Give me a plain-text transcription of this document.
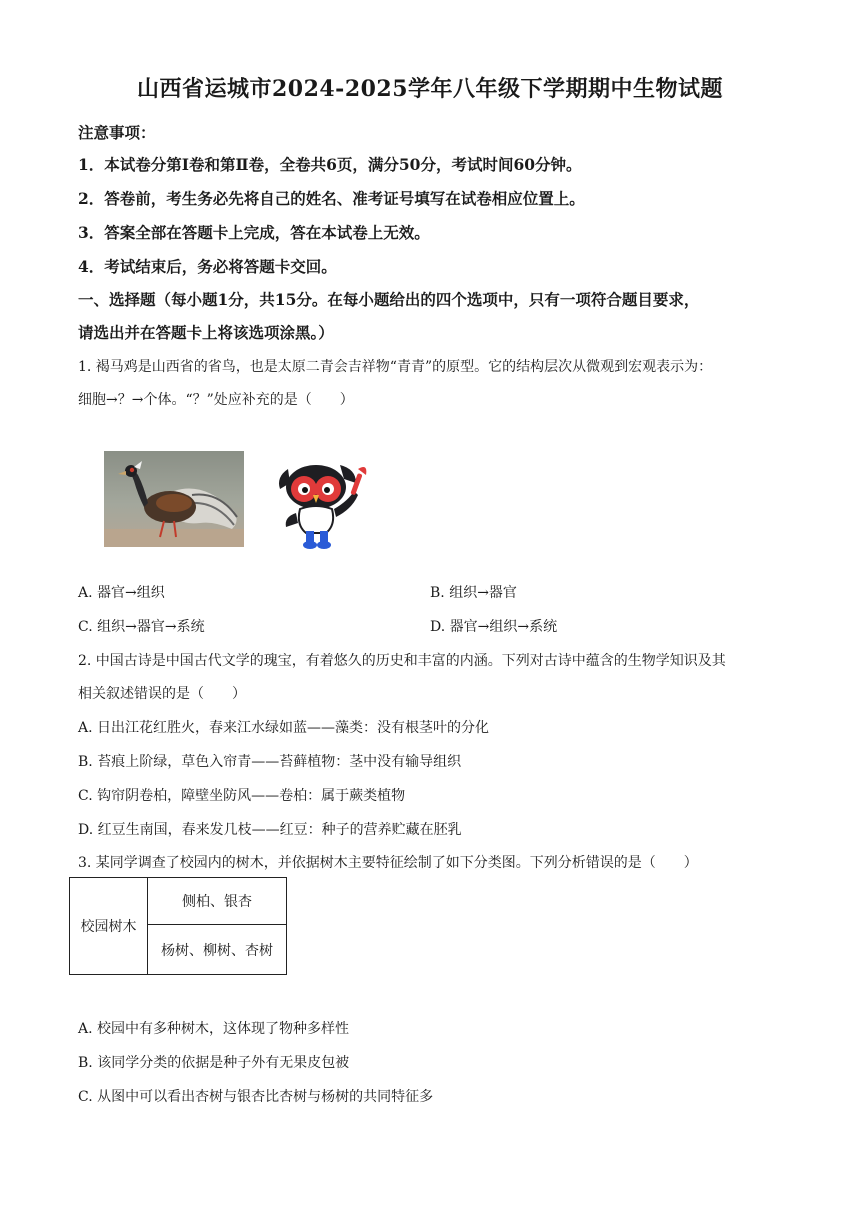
山西省运城市2024-2025学年八年级下学期期中生物试题
注意事项：
1．本试卷分第Ⅰ卷和第Ⅱ卷，全卷共6页，满分50分，考试时间60分钟。
2．答卷前，考生务必先将自己的姓名、准考证号填写在试卷相应位置上。
3．答案全部在答题卡上完成，答在本试卷上无效。
4．考试结束后，务必将答题卡交回。
一、选择题（每小题1分，共15分。在每小题给出的四个选项中，只有一项符合题目要求，
请选出并在答题卡上将该选项涂黑。）
1. 褐马鸡是山西省的省鸟，也是太原二青会吉祥物“青青”的原型。它的结构层次从微观到宏观表示为：
细胞→？→个体。“？”处应补充的是（　　）
A. 器官→组织	B. 组织→器官
C. 组织→器官→系统	D. 器官→组织→系统
2. 中国古诗是中国古代文学的瑰宝，有着悠久的历史和丰富的内涵。下列对古诗中蕴含的生物学知识及其
相关叙述错误的是（　　）
A. 日出江花红胜火，春来江水绿如蓝——藻类：没有根茎叶的分化
B. 苔痕上阶绿，草色入帘青——苔藓植物：茎中没有输导组织
C. 钩帘阴卷柏，障壁坐防风——卷柏：属于蕨类植物
D. 红豆生南国，春来发几枝——红豆：种子的营养贮藏在胚乳
3. 某同学调查了校园内的树木，并依据树木主要特征绘制了如下分类图。下列分析错误的是（　　）
校园树木	侧柏、银杏
杨树、柳树、杏树
A. 校园中有多种树木，这体现了物种多样性
B. 该同学分类的依据是种子外有无果皮包被
C. 从图中可以看出杏树与银杏比杏树与杨树的共同特征多
